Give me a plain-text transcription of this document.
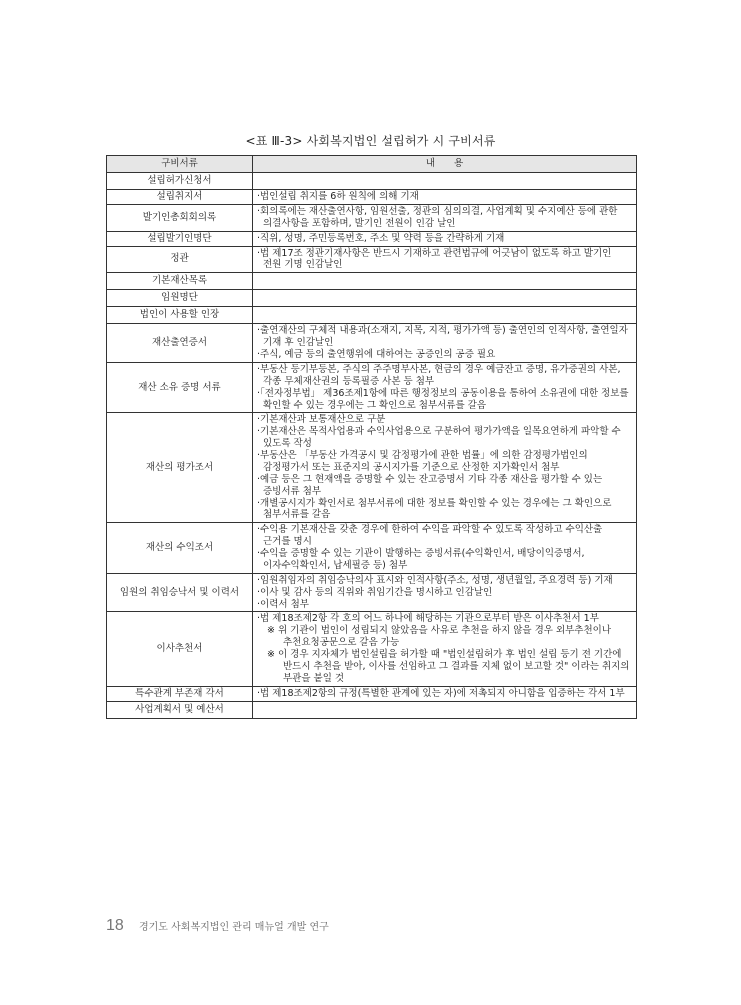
<표 Ⅲ-3> 사회복지법인 설립허가 시 구비서류
구비서류	내　　용
설립허가신청서	
설립취지서	·법인설립 취지를 6하 원칙에 의해 기재

발기인총회회의록	·회의록에는 재산출연사항, 임원선출, 정관의 심의의결, 사업계획 및 수지예산 등에 관한 의결사항을 포함하며, 발기인 전원이 인감 날인

설립발기인명단	·직위, 성명, 주민등록번호, 주소 및 약력 등을 간략하게 기재

정관	·법 제17조 정관기재사항은 반드시 기재하고 관련법규에 어긋남이 없도록 하고 발기인 전원 기명 인감날인

기본재산목록	
임원명단	
법인이 사용할 인장	
재산출연증서	·출연재산의 구체적 내용과(소재지, 지목, 지적, 평가가액 등) 출연인의 인적사항, 출연일자 기재 후 인감날인
·주식, 예금 등의 출연행위에 대하여는 공증인의 공증 필요

재산 소유 증명 서류	·부동산 등기부등본, 주식의 주주명부사본, 현금의 경우 예금잔고 증명, 유가증권의 사본, 각종 무체재산권의 등록필증 사본 등 첨부
·「전자정부법」 제36조제1항에 따른 행정정보의 공동이용을 통하여 소유권에 대한 정보를 확인할 수 있는 경우에는 그 확인으로 첨부서류를 갈음

재산의 평가조서	·기본재산과 보통재산으로 구분
·기본재산은 목적사업용과 수익사업용으로 구분하여 평가가액을 일목요연하게 파악할 수 있도록 작성
·부동산은 「부동산 가격공시 및 감정평가에 관한 법률」에 의한 감정평가법인의 감정평가서 또는 표준지의 공시지가를 기준으로 산정한 지가확인서 첨부
·예금 등은 그 현재액을 증명할 수 있는 잔고증명서 기타 각종 재산을 평가할 수 있는 증빙서류 첨부
·개별공시지가 확인서로 첨부서류에 대한 정보를 확인할 수 있는 경우에는 그 확인으로 첨부서류를 갈음

재산의 수익조서	·수익용 기본재산을 갖춘 경우에 한하여 수익을 파악할 수 있도록 작성하고 수익산출 근거를 명시
·수익을 증명할 수 있는 기관이 발행하는 증빙서류(수익확인서, 배당이익증명서, 이자수익확인서, 납세필증 등) 첨부

임원의 취임승낙서 및 이력서	·임원취임자의 취임승낙의사 표시와 인적사항(주소, 성명, 생년월일, 주요경력 등) 기재
·이사 및 감사 등의 직위와 취임기간을 명시하고 인감날인
·이력서 첨부

이사추천서	·법 제18조제2항 각 호의 어느 하나에 해당하는 기관으로부터 받은 이사추천서 1부
※ 위 기관이 법인이 성립되지 않았음을 사유로 추천을 하지 않을 경우 외부추천이나 추천요청공문으로 갈음 가능
※ 이 경우 지자체가 법인설립을 허가할 때 "법인설립허가 후 법인 설립 등기 전 기간에 반드시 추천을 받아, 이사를 선임하고 그 결과를 지체 없이 보고할 것" 이라는 취지의 부관을 붙일 것

특수관계 부존재 각서	·법 제18조제2항의 규정(특별한 관계에 있는 자)에 저촉되지 아니함을 입증하는 각서 1부

사업계획서 및 예산서	
18 경기도 사회복지법인 관리 매뉴얼 개발 연구
